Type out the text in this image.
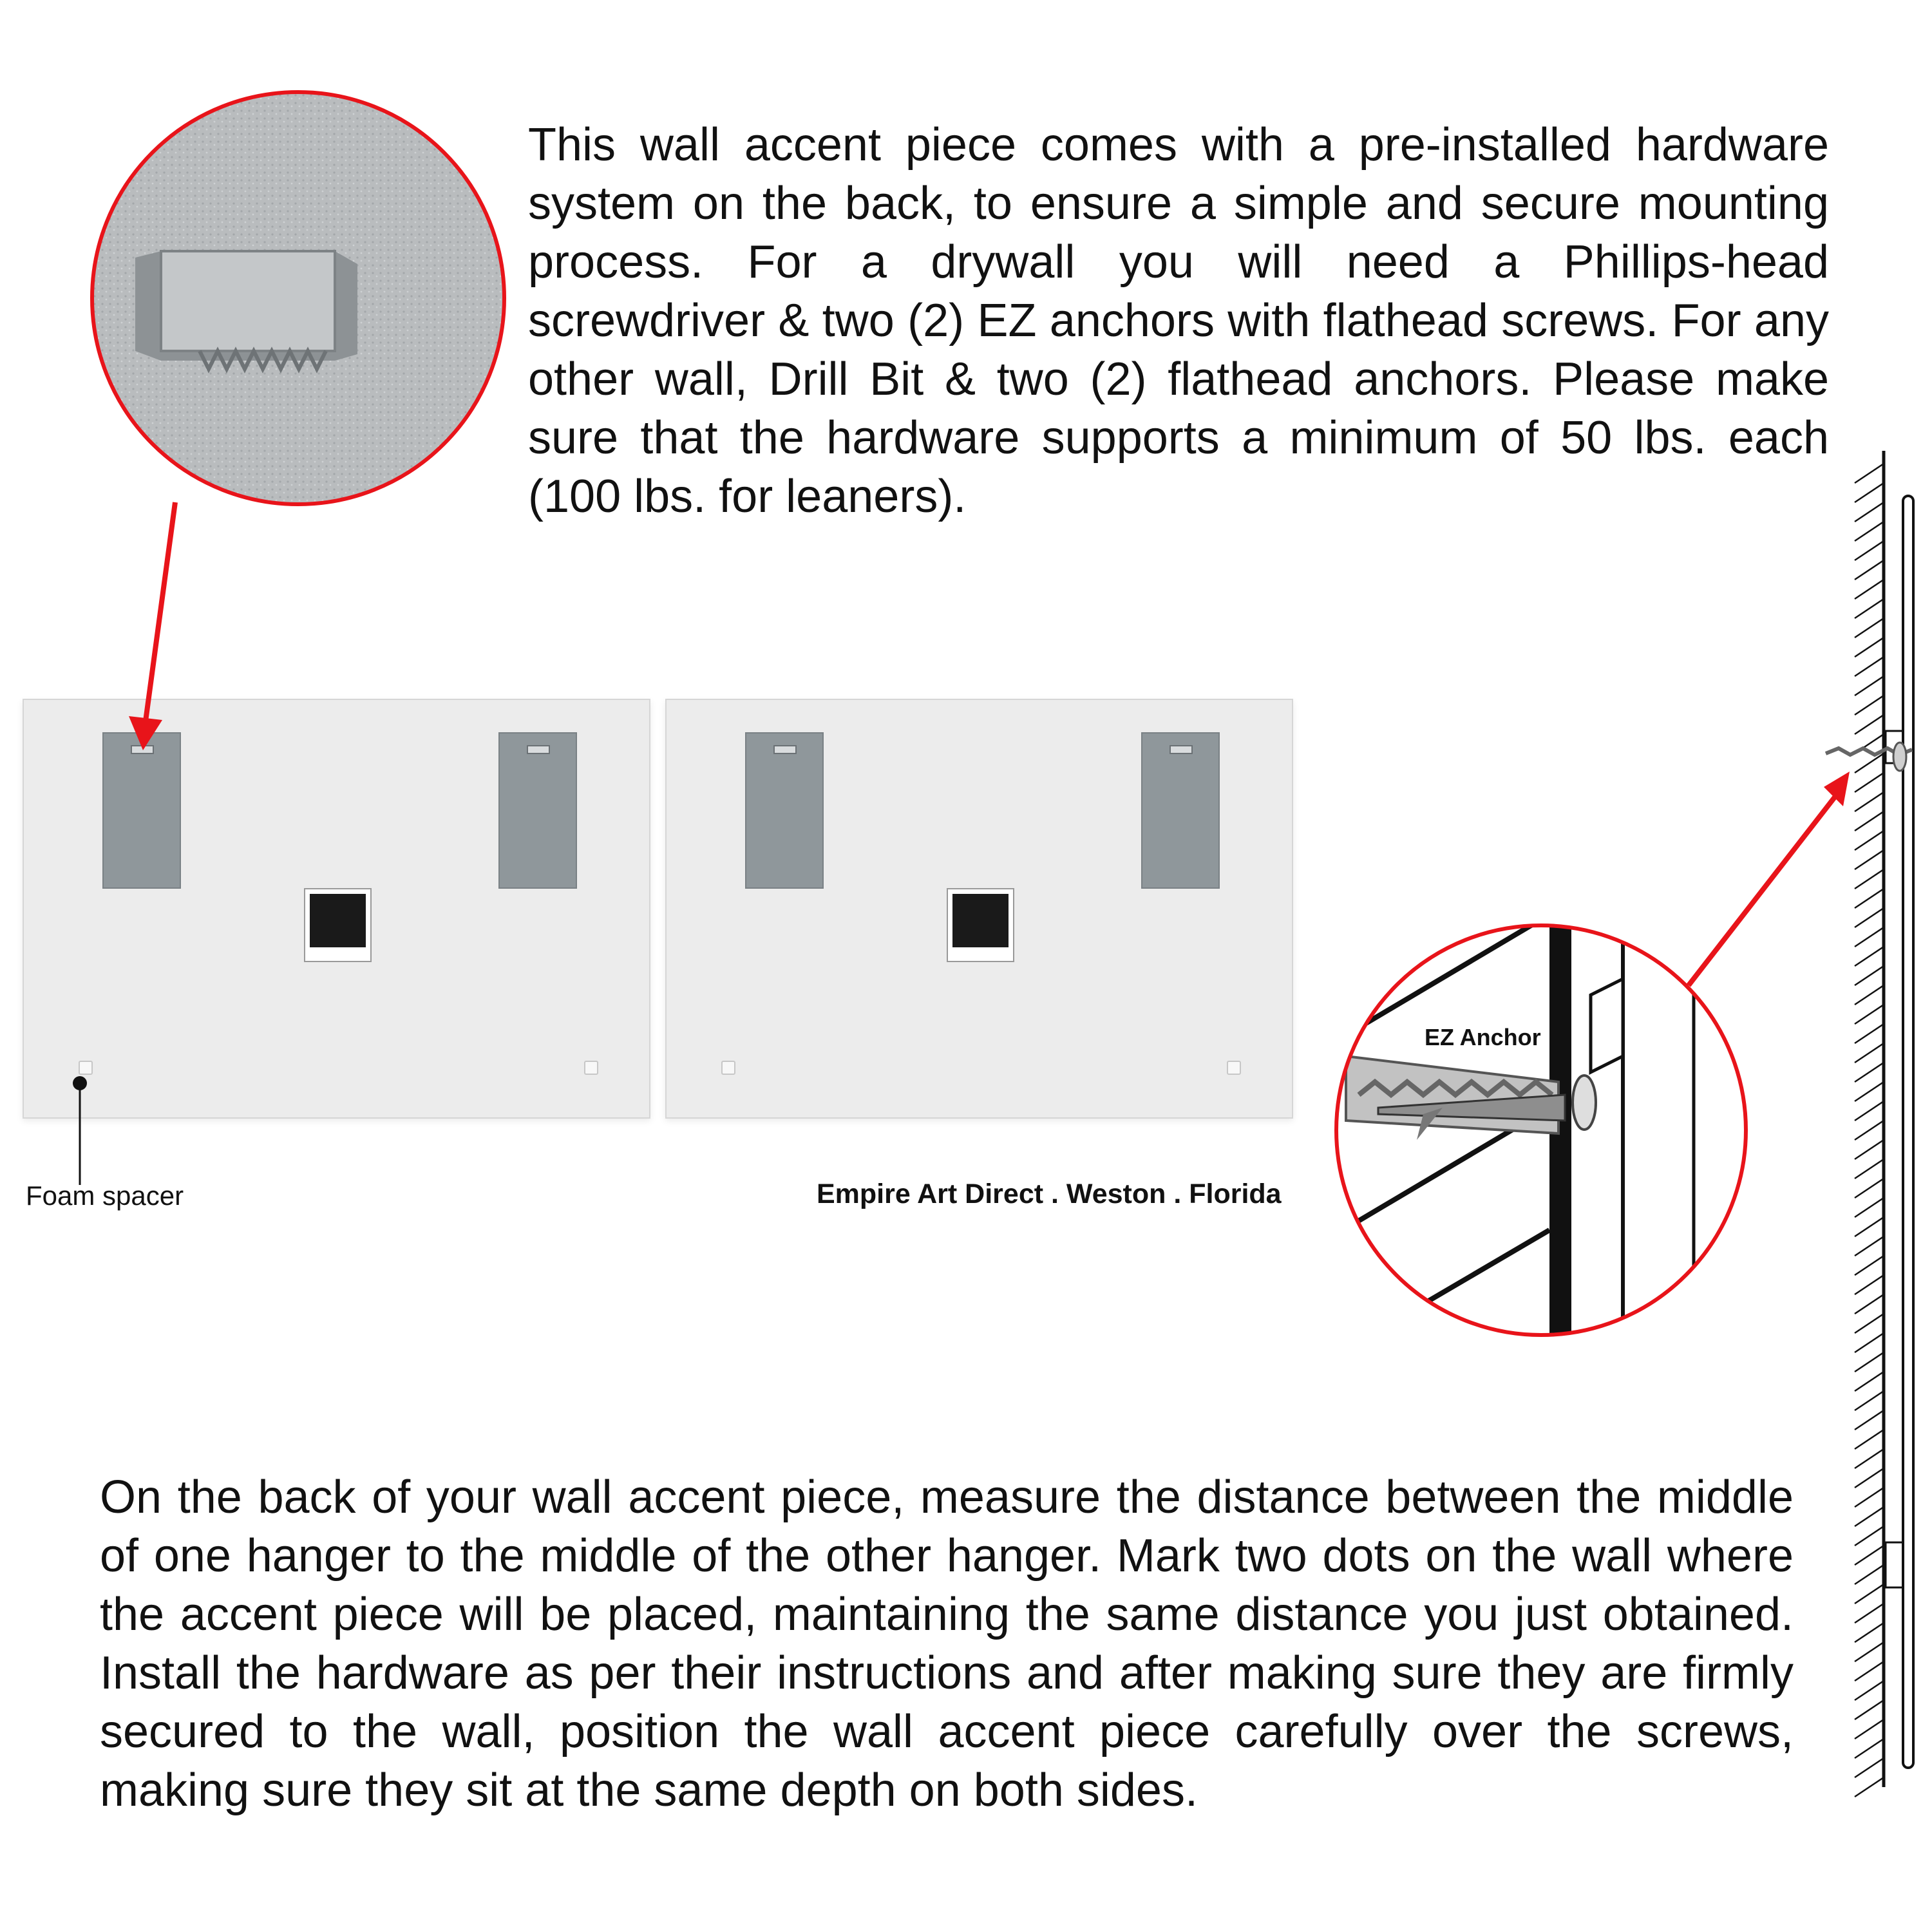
This wall accent piece comes with a pre-installed hardware system on the back, to ensure a simple and secure mounting process. For a drywall you will need a Phillips-head screwdriver & two (2) EZ anchors with flathead screws. For any other wall, Drill Bit & two (2) flathead anchors. Please make sure that the hardware supports a minimum of 50 lbs. each (100 lbs. for leaners).

Foam spacer	Empire Art Direct . Weston . Florida
EZ Anchor

On the back of your wall accent piece, measure the distance between the middle of one hanger to the middle of the other hanger. Mark two dots on the wall where the accent piece will be placed, maintaining the same distance you just obtained. Install the hardware as per their instructions and after making sure they are firmly secured to the wall, position the wall accent piece carefully over the screws, making sure they sit at the same depth on both sides.
